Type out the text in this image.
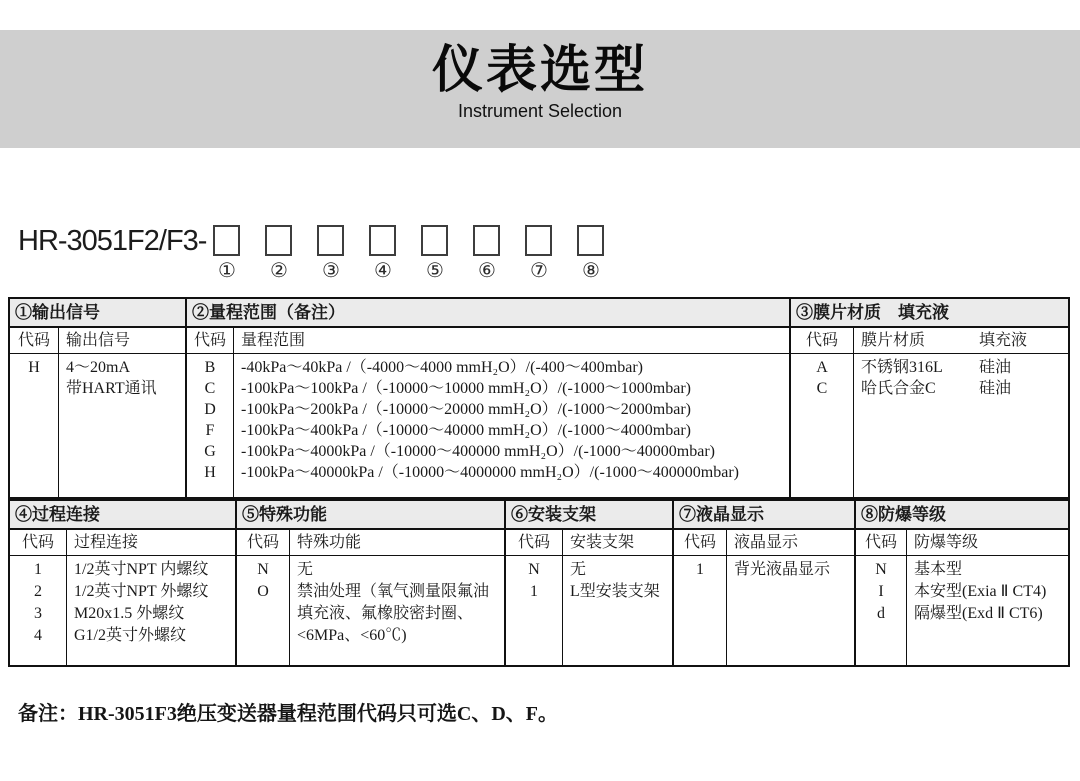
仪表选型
Instrument Selection
HR-3051F2/F3-
① ② ③ ④ ⑤ ⑥ ⑦ ⑧
①输出信号
代码	输出信号
H	4～20mA
带HART通讯
②量程范围（备注）
代码 量程范围
B	-40kPa～40kPa /（-4000～4000 mmH₂O）/(-400～400mbar)
C	-100kPa～100kPa /（-10000～10000 mmH₂O）/(-1000～1000mbar)
D	-100kPa～200kPa /（-10000～20000 mmH₂O）/(-1000～2000mbar)
F	-100kPa～400kPa /（-10000～40000 mmH₂O）/(-1000～4000mbar)
G	-100kPa～4000kPa /（-10000～400000 mmH₂O）/(-1000～40000mbar)
H	-100kPa～40000kPa /（-10000～4000000 mmH₂O）/(-1000～400000mbar)
③膜片材质　填充液
代码	膜片材质	填充液
A	不锈钢316L 硅油
C	哈氏合金C	硅油
④过程连接
代码	过程连接
1	1/2英寸NPT 内螺纹
2	1/2英寸NPT 外螺纹
3	M20x1.5 外螺纹
4	G1/2英寸外螺纹
⑤特殊功能
代码	特殊功能
N	无
O	禁油处理（氧气测量限氟油填充液、氟橡胶密封圈、<6MPa、<60℃)
⑥安装支架
代码	安装支架
N	无
1	L型安装支架
⑦液晶显示
代码	液晶显示
1	背光液晶显示
⑧防爆等级
代码	防爆等级
N	基本型
I	本安型(Exia Ⅱ CT4)
d	隔爆型(Exd Ⅱ CT6)
备注：HR-3051F3绝压变送器量程范围代码只可选C、D、F。
